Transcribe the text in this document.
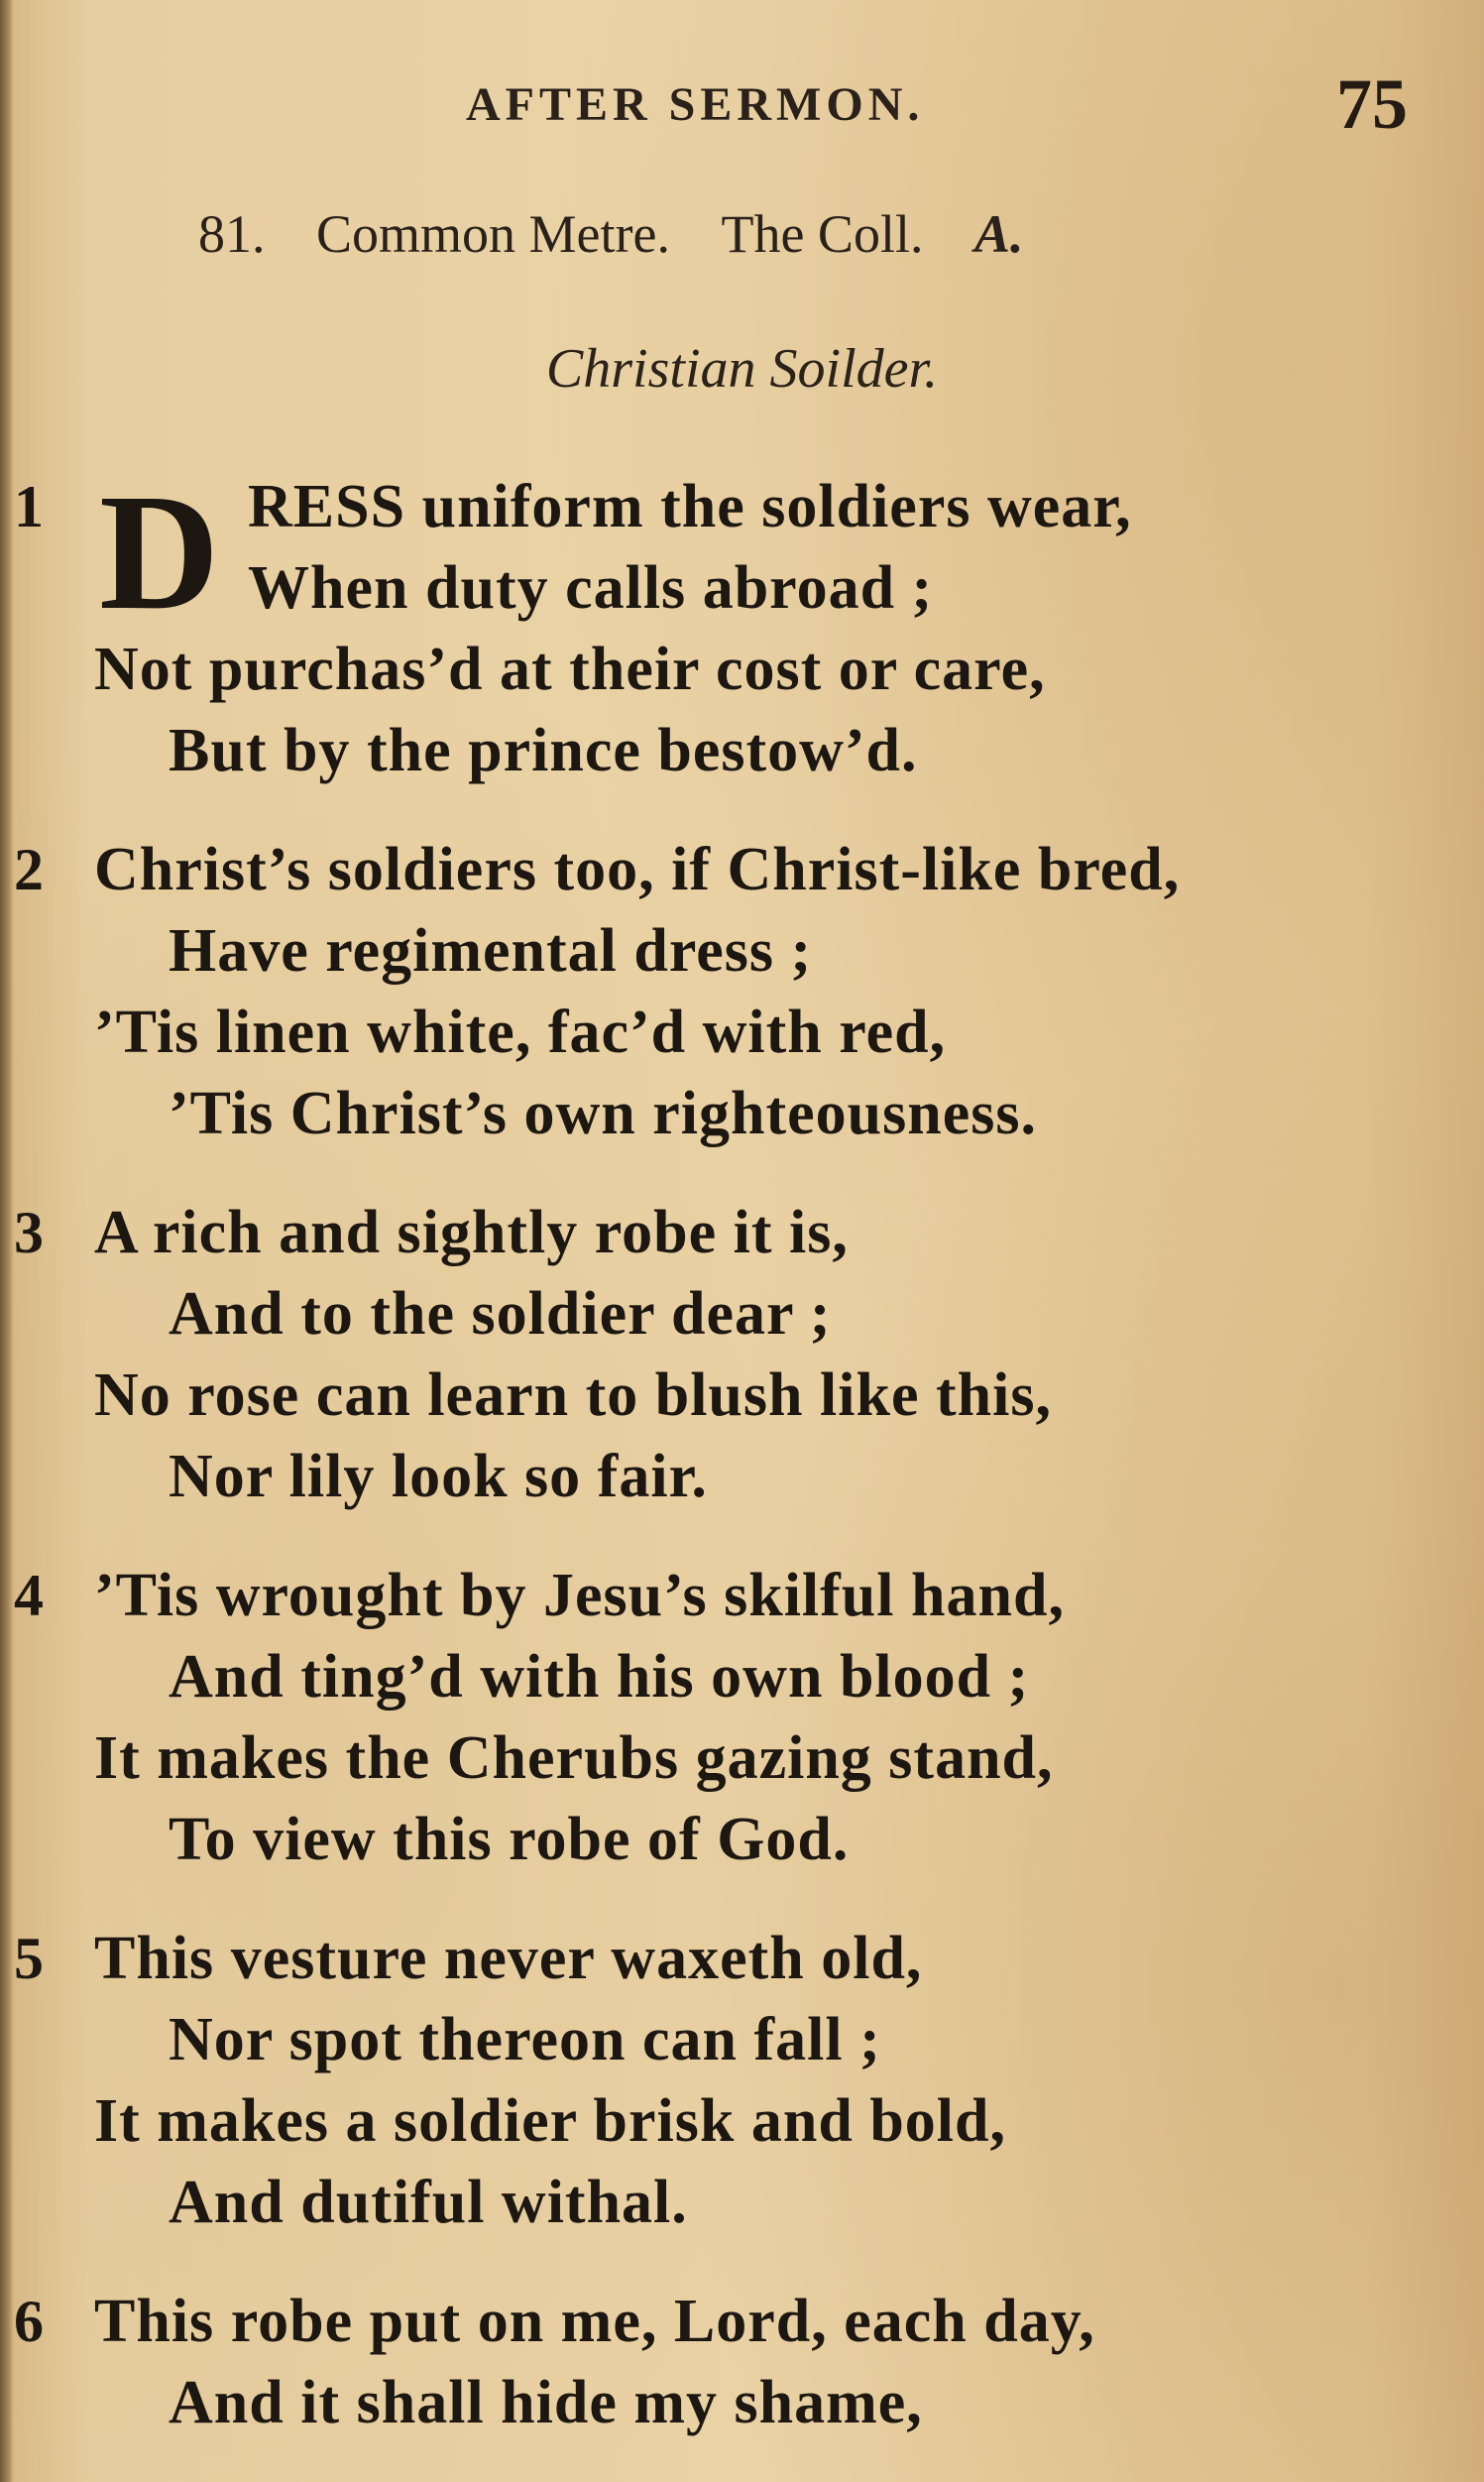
AFTER SERMON.	75
81. Common Metre. The Coll. A.
Christian Soilder.
1 D RESS uniform the soldiers wear,
When duty calls abroad ;
Not purchas’d at their cost or care,
But by the prince bestow’d.
2 Christ’s soldiers too, if Christ-like bred,
Have regimental dress ;
’Tis linen white, fac’d with red,
’Tis Christ’s own righteousness.
3 A rich and sightly robe it is,
And to the soldier dear ;
No rose can learn to blush like this,
Nor lily look so fair.
4 ’Tis wrought by Jesu’s skilful hand,
And ting’d with his own blood ;
It makes the Cherubs gazing stand,
To view this robe of God.
5 This vesture never waxeth old,
Nor spot thereon can fall ;
It makes a soldier brisk and bold,
And dutiful withal.
6 This robe put on me, Lord, each day,
And it shall hide my shame,
